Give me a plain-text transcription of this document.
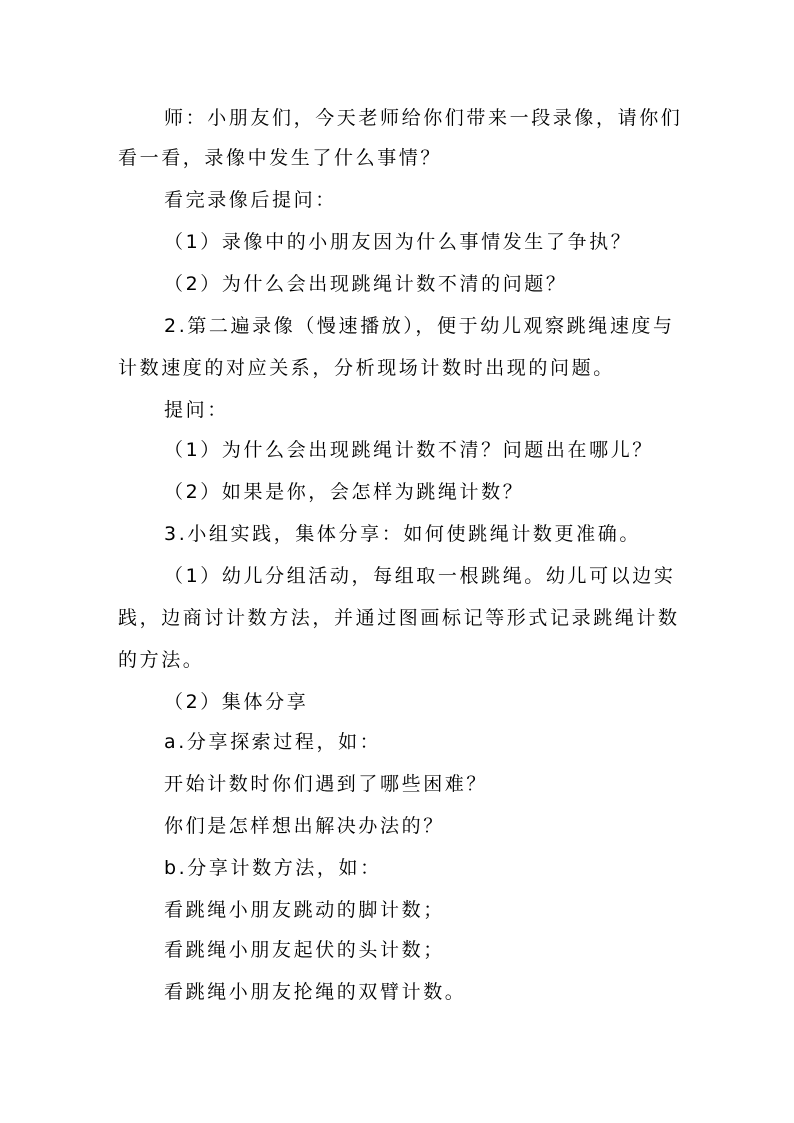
师：小朋友们，今天老师给你们带来一段录像，请你们
看一看，录像中发生了什么事情？
看完录像后提问：
（1）录像中的小朋友因为什么事情发生了争执？
（2）为什么会出现跳绳计数不清的问题？
2.第二遍录像（慢速播放），便于幼儿观察跳绳速度与
计数速度的对应关系，分析现场计数时出现的问题。
提问：
（1）为什么会出现跳绳计数不清？问题出在哪儿？
（2）如果是你，会怎样为跳绳计数？
3.小组实践，集体分享：如何使跳绳计数更准确。
（1）幼儿分组活动，每组取一根跳绳。幼儿可以边实
践，边商讨计数方法，并通过图画标记等形式记录跳绳计数
的方法。
（2）集体分享
a.分享探索过程，如：
开始计数时你们遇到了哪些困难？
你们是怎样想出解决办法的？
b.分享计数方法，如：
看跳绳小朋友跳动的脚计数；
看跳绳小朋友起伏的头计数；
看跳绳小朋友抡绳的双臂计数。
